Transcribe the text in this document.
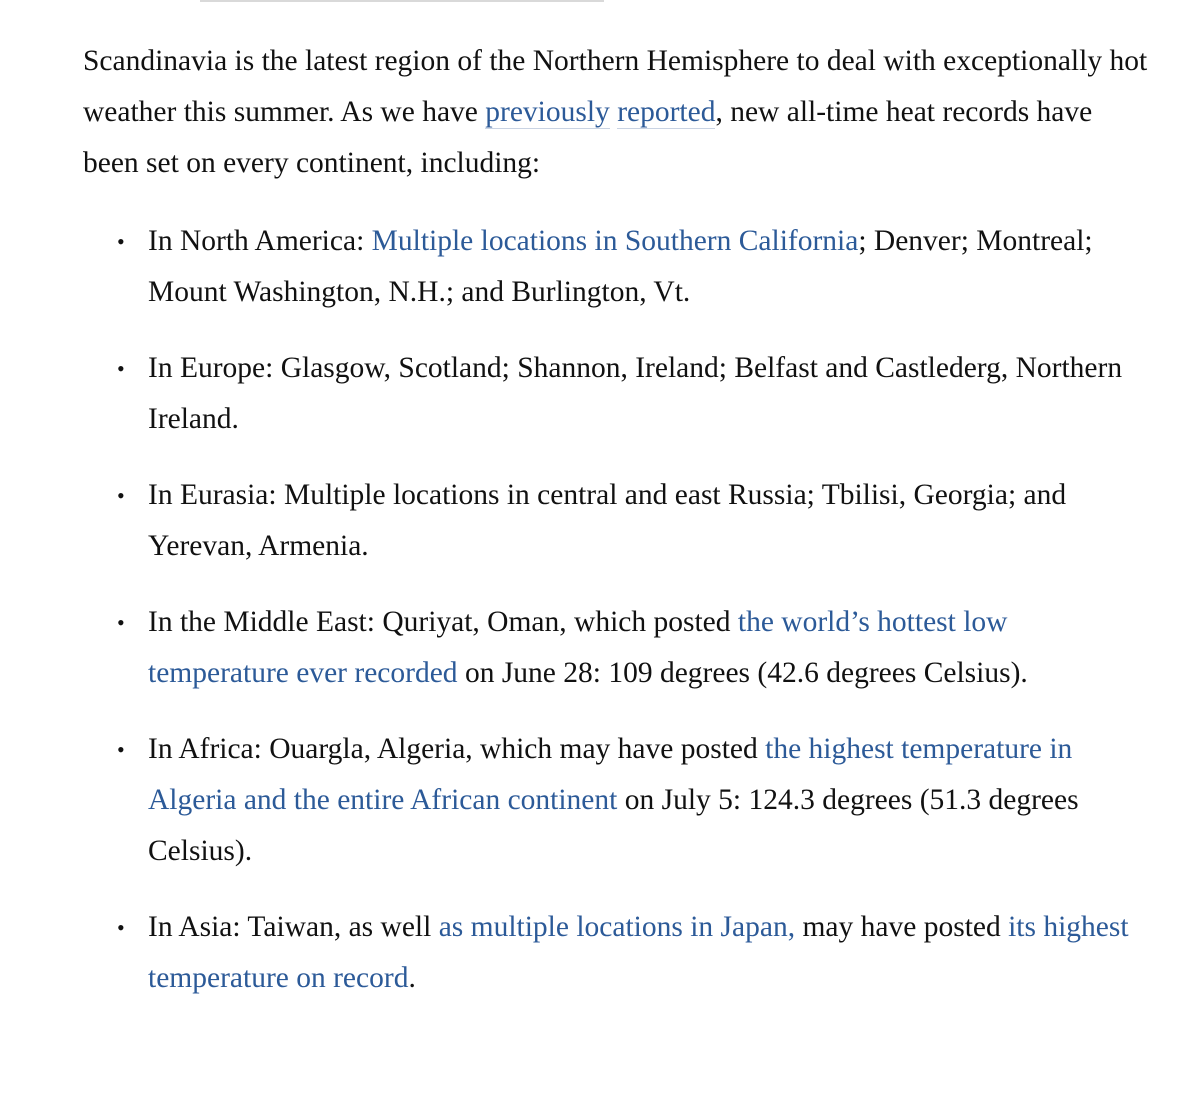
Scandinavia is the latest region of the Northern Hemisphere to deal with exceptionally hot weather this summer. As we have previously reported, new all-time heat records have been set on every continent, including:

• In North America: Multiple locations in Southern California; Denver; Montreal; Mount Washington, N.H.; and Burlington, Vt.
• In Europe: Glasgow, Scotland; Shannon, Ireland; Belfast and Castlederg, Northern Ireland.
• In Eurasia: Multiple locations in central and east Russia; Tbilisi, Georgia; and Yerevan, Armenia.
• In the Middle East: Quriyat, Oman, which posted the world’s hottest low temperature ever recorded on June 28: 109 degrees (42.6 degrees Celsius).
• In Africa: Ouargla, Algeria, which may have posted the highest temperature in Algeria and the entire African continent on July 5: 124.3 degrees (51.3 degrees Celsius).
• In Asia: Taiwan, as well as multiple locations in Japan, may have posted its highest temperature on record.
